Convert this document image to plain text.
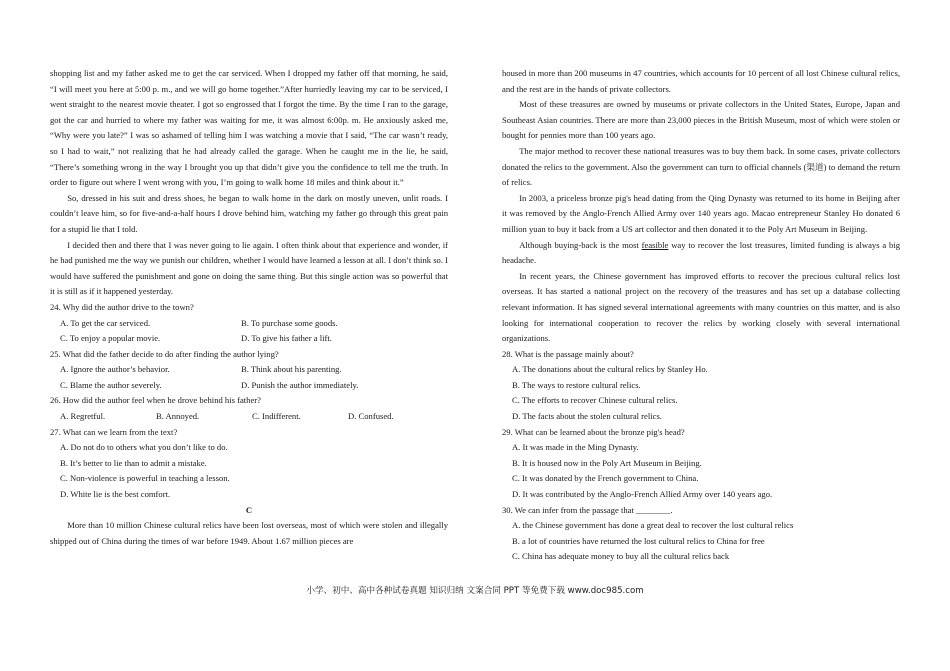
shopping list and my father asked me to get the car serviced. When I dropped my father off that morning, he said, “I will meet you here at 5:00 p. m., and we will go home together.”After hurriedly leaving my car to be serviced, I went straight to the nearest movie theater. I got so engrossed that I forgot the time. By the time I ran to the garage, got the car and hurried to where my father was waiting for me, it was almost 6:00p. m. He anxiously asked me, “Why were you late?” I was so ashamed of telling him I was watching a movie that I said, “The car wasn’t ready, so I had to wait,” not realizing that he had already called the garage. When he caught me in the lie, he said, “There’s something wrong in the way I brought you up that didn’t give you the confidence to tell me the truth. In order to figure out where I went wrong with you, I’m going to walk home 18 miles and think about it.”

So, dressed in his suit and dress shoes, he began to walk home in the dark on mostly uneven, unlit roads. I couldn’t leave him, so for five-and-a-half hours I drove behind him, watching my father go through this great pain for a stupid lie that I told.

I decided then and there that I was never going to lie again. I often think about that experience and wonder, if he had punished me the way we punish our children, whether I would have learned a lesson at all. I don’t think so. I would have suffered the punishment and gone on doing the same thing. But this single action was so powerful that it is still as if it happened yesterday.

24. Why did the author drive to the town?

A. To get the car serviced.	B. To purchase some goods.
C. To enjoy a popular movie.	D. To give his father a lift.

25. What did the father decide to do after finding the author lying?

A. Ignore the author’s behavior.	B. Think about his parenting.
C. Blame the author severely.	D. Punish the author immediately.

26. How did the author feel when he drove behind his father?

A. Regretful.	B. Annoyed.	C. Indifferent.	D. Confused.

27. What can we learn from the text?

A. Do not do to others what you don’t like to do.

B. It’s better to lie than to admit a mistake.

C. Non-violence is powerful in teaching a lesson.

D. White lie is the best comfort.

C

More than 10 million Chinese cultural relics have been lost overseas, most of which were stolen and illegally shipped out of China during the times of war before 1949. About 1.67 million pieces are

housed in more than 200 museums in 47 countries, which accounts for 10 percent of all lost Chinese cultural relics, and the rest are in the hands of private collectors.

Most of these treasures are owned by museums or private collectors in the United States, Europe, Japan and Southeast Asian countries. There are more than 23,000 pieces in the British Museum, most of which were stolen or bought for pennies more than 100 years ago.

The major method to recover these national treasures was to buy them back. In some cases, private collectors donated the relics to the government. Also the government can turn to official channels (渠道) to demand the return of relics.

In 2003, a priceless bronze pig's head dating from the Qing Dynasty was returned to its home in Beijing after it was removed by the Anglo-French Allied Army over 140 years ago. Macao entrepreneur Stanley Ho donated 6 million yuan to buy it back from a US art collector and then donated it to the Poly Art Museum in Beijing.

Although buying-back is the most feasible way to recover the lost treasures, limited funding is always a big headache.

In recent years, the Chinese government has improved efforts to recover the precious cultural relics lost overseas. It has started a national project on the recovery of the treasures and has set up a database collecting relevant information. It has signed several international agreements with many countries on this matter, and is also looking for international cooperation to recover the relics by working closely with several international organizations.

28. What is the passage mainly about?

A. The donations about the cultural relics by Stanley Ho.

B. The ways to restore cultural relics.

C. The efforts to recover Chinese cultural relics.

D. The facts about the stolen cultural relics.

29. What can be learned about the bronze pig's head?

A. It was made in the Ming Dynasty.

B. It is housed now in the Poly Art Museum in Beijing.

C. It was donated by the French government to China.

D. It was contributed by the Anglo-French Allied Army over 140 years ago.

30. We can infer from the passage that ________.

A. the Chinese government has done a great deal to recover the lost cultural relics

B. a lot of countries have returned the lost cultural relics to China for free

C. China has adequate money to buy all the cultural relics back

小学、初中、高中各种试卷真题 知识归纳 文案合同 PPT 等免费下载 www.doc985.com
